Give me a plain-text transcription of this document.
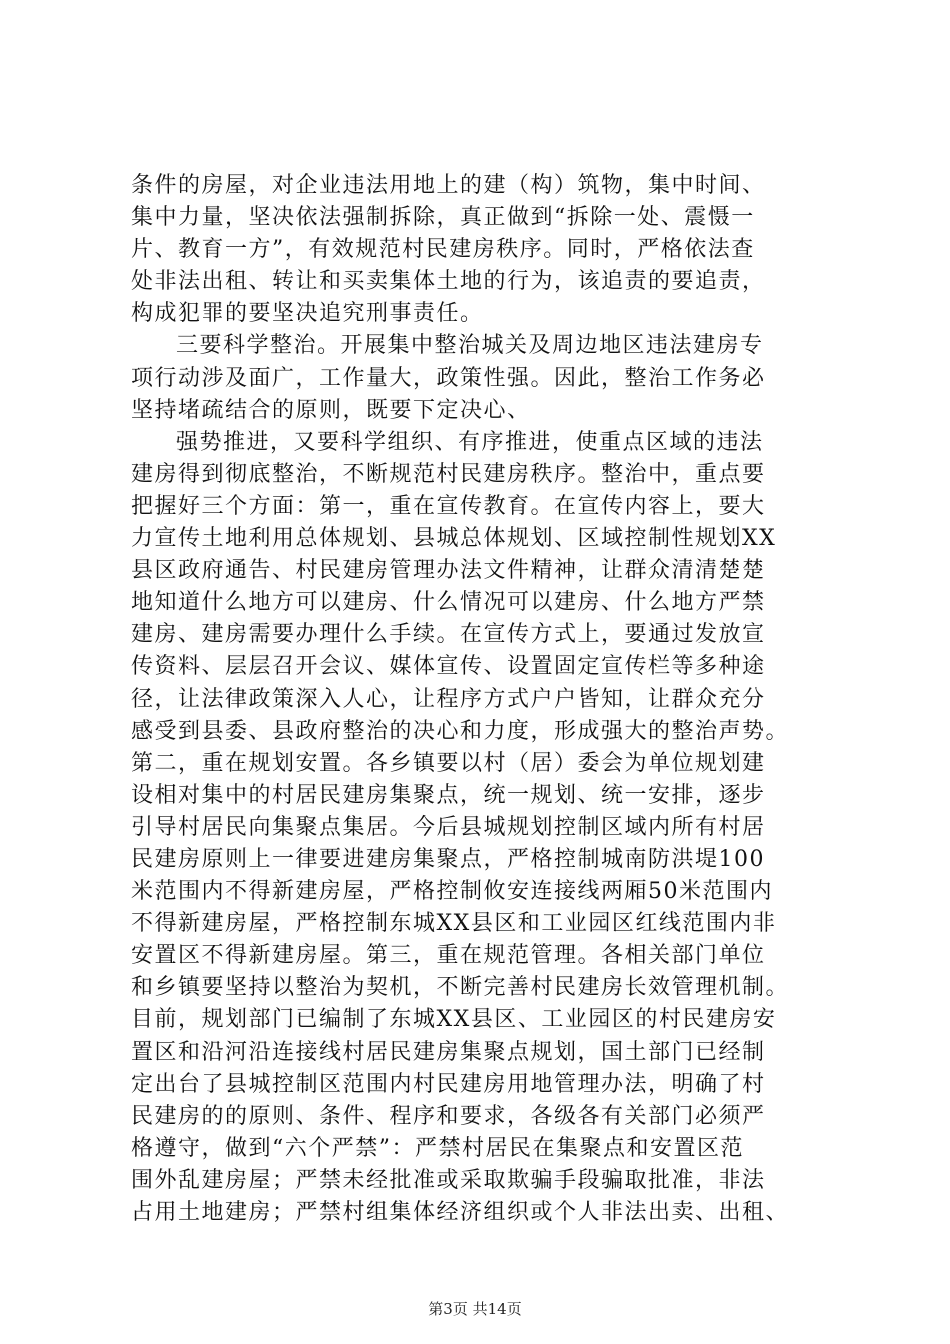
条件的房屋，对企业违法用地上的建（构）筑物，集中时间、
集中力量，坚决依法强制拆除，真正做到“拆除一处、震慑一
片、教育一方”，有效规范村民建房秩序。同时，严格依法查
处非法出租、转让和买卖集体土地的行为，该追责的要追责，
构成犯罪的要坚决追究刑事责任。
三要科学整治。开展集中整治城关及周边地区违法建房专
项行动涉及面广，工作量大，政策性强。因此，整治工作务必
坚持堵疏结合的原则，既要下定决心、
强势推进，又要科学组织、有序推进，使重点区域的违法
建房得到彻底整治，不断规范村民建房秩序。整治中，重点要
把握好三个方面：第一，重在宣传教育。在宣传内容上，要大
力宣传土地利用总体规划、县城总体规划、区域控制性规划XX
县区政府通告、村民建房管理办法文件精神，让群众清清楚楚
地知道什么地方可以建房、什么情况可以建房、什么地方严禁
建房、建房需要办理什么手续。在宣传方式上，要通过发放宣
传资料、层层召开会议、媒体宣传、设置固定宣传栏等多种途
径，让法律政策深入人心，让程序方式户户皆知，让群众充分
感受到县委、县政府整治的决心和力度，形成强大的整治声势。
第二，重在规划安置。各乡镇要以村（居）委会为单位规划建
设相对集中的村居民建房集聚点，统一规划、统一安排，逐步
引导村居民向集聚点集居。今后县城规划控制区域内所有村居
民建房原则上一律要进建房集聚点，严格控制城南防洪堤100
米范围内不得新建房屋，严格控制攸安连接线两厢50米范围内
不得新建房屋，严格控制东城XX县区和工业园区红线范围内非
安置区不得新建房屋。第三，重在规范管理。各相关部门单位
和乡镇要坚持以整治为契机，不断完善村民建房长效管理机制。
目前，规划部门已编制了东城XX县区、工业园区的村民建房安
置区和沿河沿连接线村居民建房集聚点规划，国土部门已经制
定出台了县城控制区范围内村民建房用地管理办法，明确了村
民建房的的原则、条件、程序和要求，各级各有关部门必须严
格遵守，做到“六个严禁”：严禁村居民在集聚点和安置区范
围外乱建房屋；严禁未经批准或采取欺骗手段骗取批准，非法
占用土地建房；严禁村组集体经济组织或个人非法出卖、出租、
第3页 共14页
